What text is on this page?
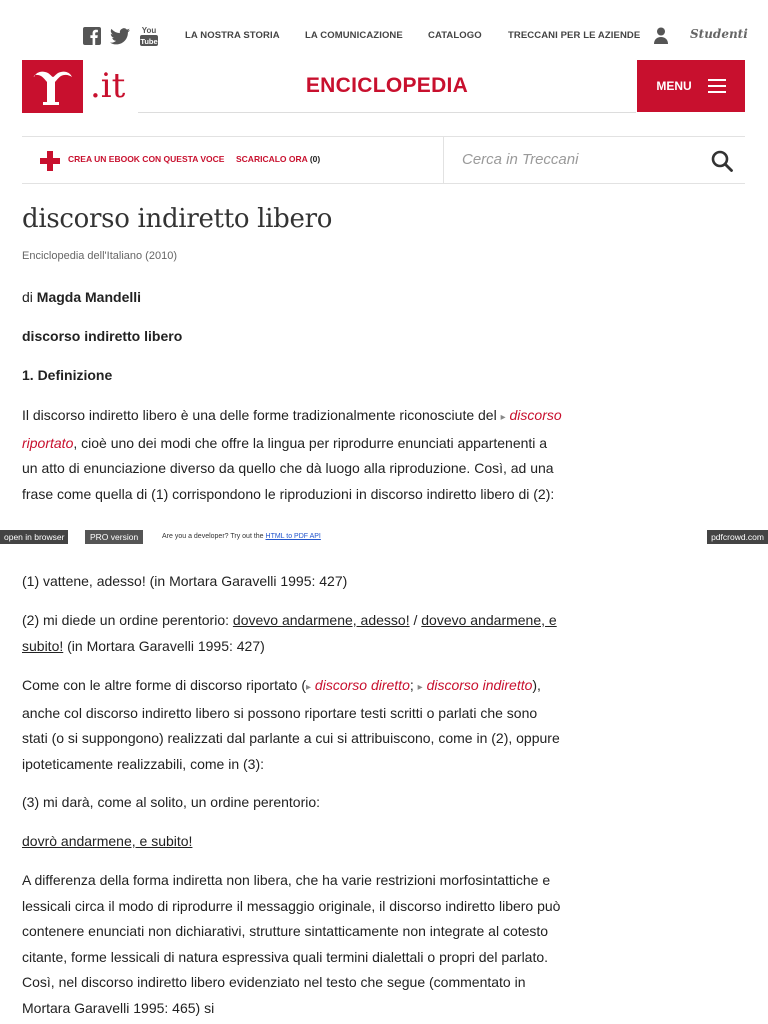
You
Tube
LA NOSTRA STORIA	LA COMUNICAZIONE	CATALOGO	TRECCANI PER LE AZIENDE	Studenti
.it	ENCICLOPEDIA	MENU
CREA UN EBOOK CON QUESTA VOCE SCARICALO ORA (0)
Cerca in Treccani
discorso indiretto libero
Enciclopedia dell'Italiano (2010)

di Magda Mandelli

discorso indiretto libero

1. Definizione

Il discorso indiretto libero è una delle forme tradizionalmente riconosciute del ▸ discorso riportato, cioè uno dei modi che offre la lingua per riprodurre enunciati appartenenti a un atto di enunciazione diverso da quello che dà luogo alla riproduzione. Così, ad una frase come quella di (1) corrispondono le riproduzioni in discorso indiretto libero di (2):

(1) vattene, adesso! (in Mortara Garavelli 1995: 427)

(2) mi diede un ordine perentorio: dovevo andarmene, adesso! / dovevo andarmene, e subito! (in Mortara Garavelli 1995: 427)

Come con le altre forme di discorso riportato (▸ discorso diretto; ▸ discorso indiretto), anche col discorso indiretto libero si possono riportare testi scritti o parlati che sono stati (o si suppongono) realizzati dal parlante a cui si attribuiscono, come in (2), oppure ipoteticamente realizzabili, come in (3):

(3) mi darà, come al solito, un ordine perentorio:

dovrò andarmene, e subito!

A differenza della forma indiretta non libera, che ha varie restrizioni morfosintattiche e lessicali circa il modo di riprodurre il messaggio originale, il discorso indiretto libero può contenere enunciati non dichiarativi, strutture sintatticamente non integrate al cotesto citante, forme lessicali di natura espressiva quali termini dialettali o propri del parlato. Così, nel discorso indiretto libero evidenziato nel testo che segue (commentato in Mortara Garavelli 1995: 465) si

open in browser	PRO version	Are you a developer? Try out the HTML to PDF API	pdfcrowd.com
